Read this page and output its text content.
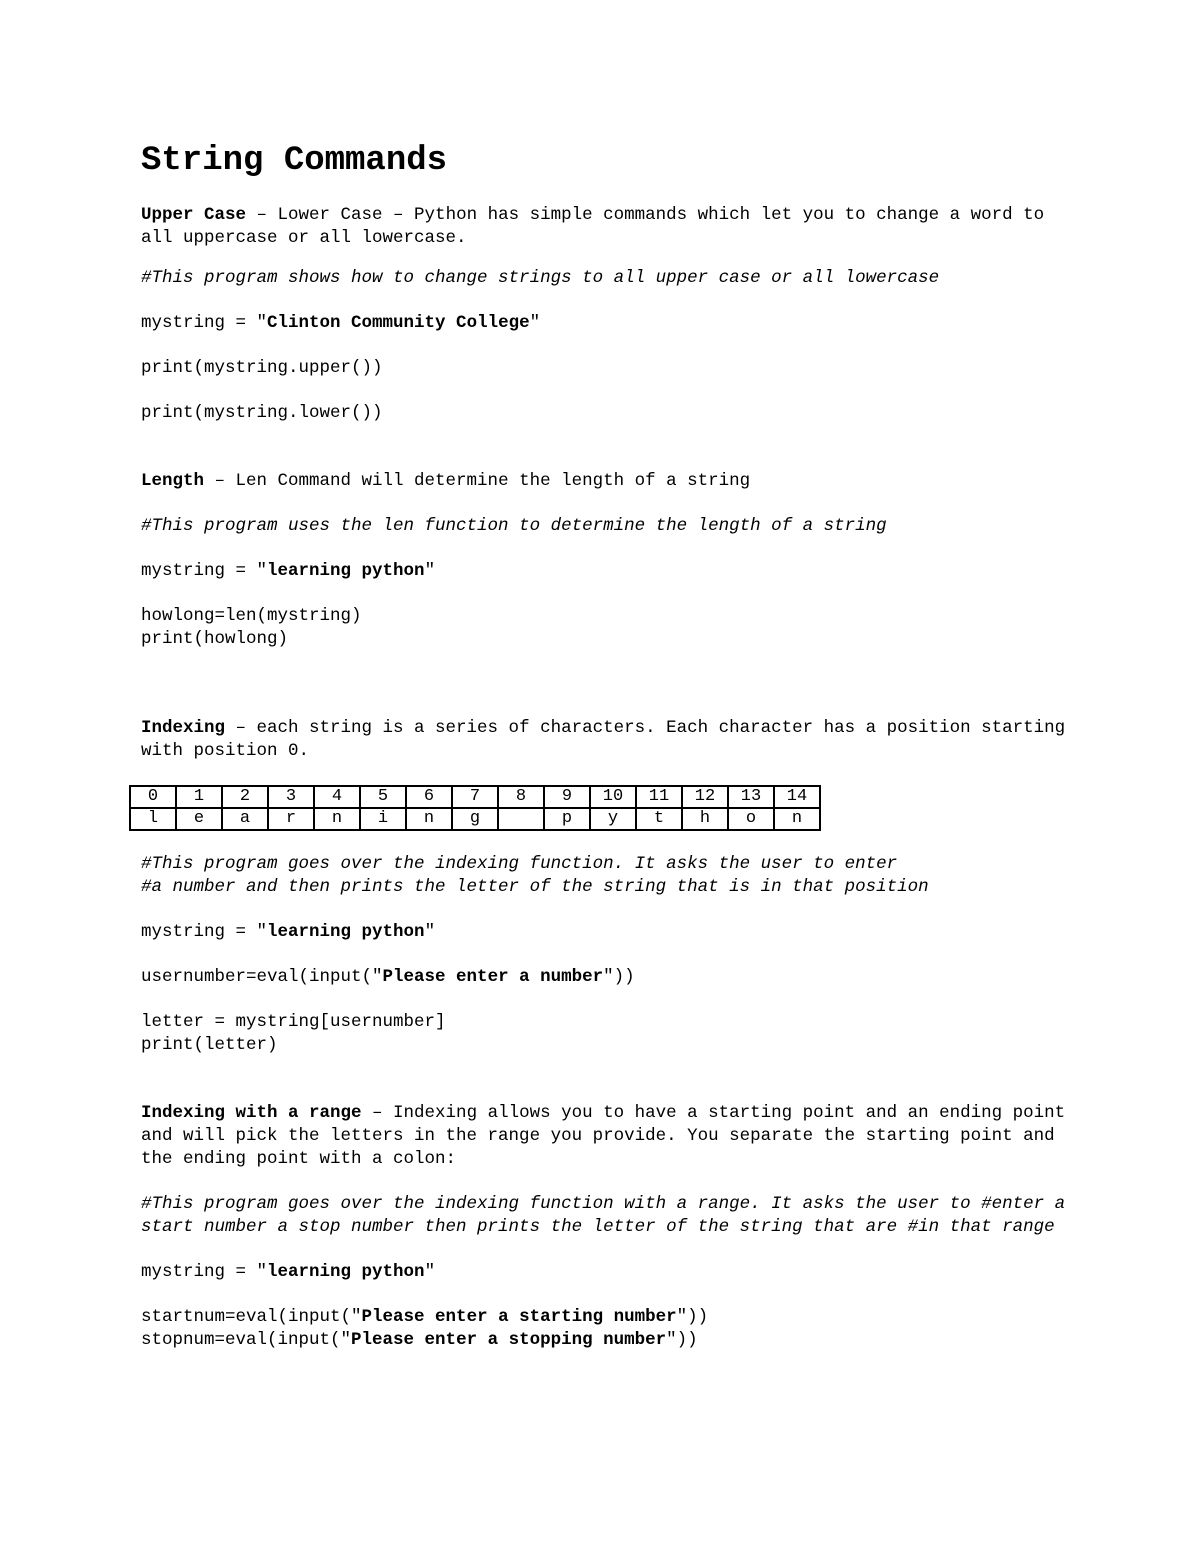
String Commands

Upper Case – Lower Case – Python has simple commands which let you to change a word to all uppercase or all lowercase.

#This program shows how to change strings to all upper case or all lowercase

mystring = "Clinton Community College"

print(mystring.upper())

print(mystring.lower())

Length – Len Command will determine the length of a string

#This program uses the len function to determine the length of a string

mystring = "learning python"

howlong=len(mystring)

print(howlong)

Indexing – each string is a series of characters. Each character has a position starting with position 0.

0	1	2	3	4	5	6	7	8	9	10	11	12	13	14
l	e	a	r	n	i	n	g		p	y	t	h	o	n

#This program goes over the indexing function. It asks the user to enter

#a number and then prints the letter of the string that is in that position

mystring = "learning python"

usernumber=eval(input("Please enter a number"))

letter = mystring[usernumber]

print(letter)

Indexing with a range – Indexing allows you to have a starting point and an ending point and will pick the letters in the range you provide. You separate the starting point and the ending point with a colon:

#This program goes over the indexing function with a range. It asks the user to #enter a start number a stop number then prints the letter of the string that are #in that range

mystring = "learning python"

startnum=eval(input("Please enter a starting number"))

stopnum=eval(input("Please enter a stopping number"))
